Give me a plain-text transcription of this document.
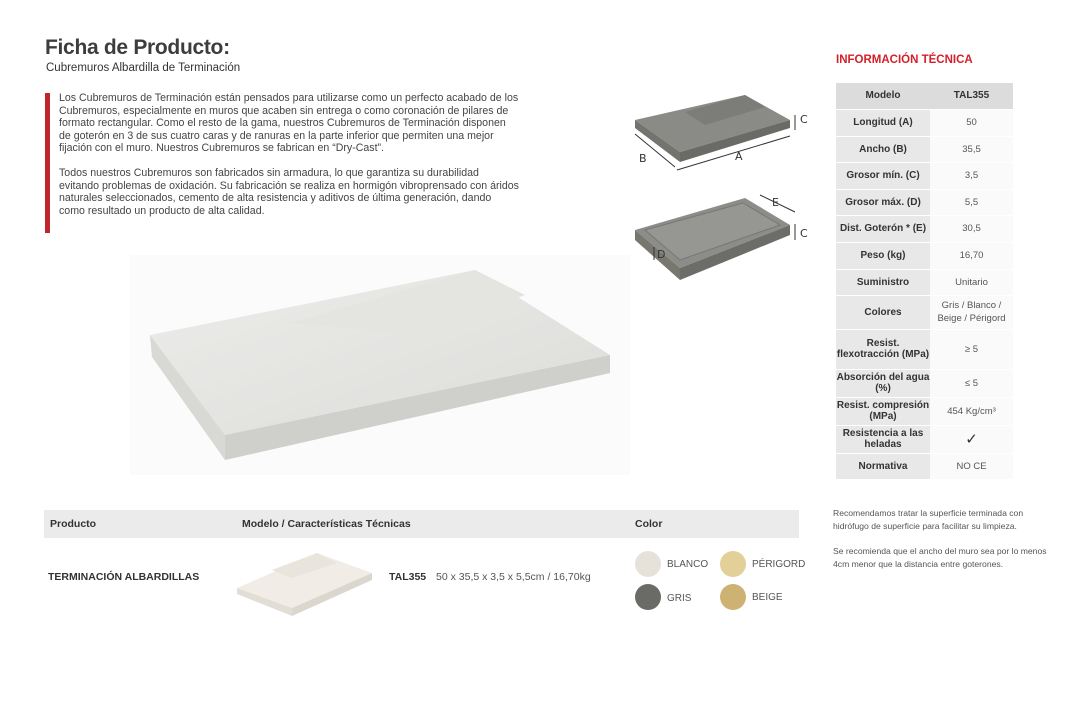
Ficha de Producto:
Cubremuros Albardilla de Terminación

Los Cubremuros de Terminación están pensados para utilizarse como un perfecto acabado de los Cubremuros, especialmente en muros que acaben sin entrega o como coronación de pilares de formato rectangular. Como el resto de la gama, nuestros Cubremuros de Terminación disponen de goterón en 3 de sus cuatro caras y de ranuras en la parte inferior que permiten una mejor fijación con el muro. Nuestros Cubremuros se fabrican en “Dry-Cast”.

Todos nuestros Cubremuros son fabricados sin armadura, lo que garantiza su durabilidad evitando problemas de oxidación. Su fabricación se realiza en hormigón vibroprensado con áridos naturales seleccionados, cemento de alta resistencia y aditivos de última generación, dando como resultado un producto de alta calidad.

B	A
C
E
C
D
INFORMACIÓN TÉCNICA
Modelo	TAL355
Longitud (A)	50
Ancho (B)	35,5
Grosor mín. (C)	3,5
Grosor máx. (D)	5,5
Dist. Goterón * (E)	30,5
Peso (kg)	16,70
Suministro	Unitario
Colores	Gris / Blanco / Beige / Périgord
Resist. flexotracción (MPa)	≥ 5
Absorción del agua (%)	≤ 5
Resist. compresión (MPa)	454 Kg/cm³
Resistencia a las heladas	✓
Normativa	NO CE
Recomendamos tratar la superficie terminada con hidrófugo de superficie para facilitar su limpieza.
Se recomienda que el ancho del muro sea por lo menos 4cm menor que la distancia entre goterones.
Producto	Modelo / Características Técnicas	Color
TERMINACIÓN ALBARDILLAS	TAL355 50 x 35,5 x 3,5 x 5,5cm / 16,70kg
BLANCO	PÉRIGORD
GRIS	BEIGE
